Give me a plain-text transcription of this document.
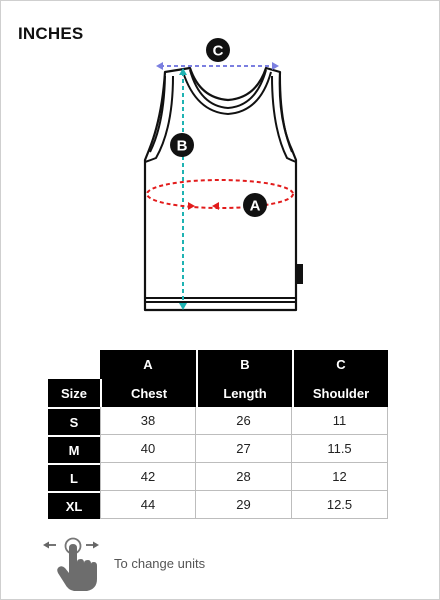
INCHES
C
B
A
	A	B	C
Size	Chest	Length	Shoulder
S	38	26	11
M	40	27	11.5
L	42	28	12
XL	44	29	12.5
To change units
